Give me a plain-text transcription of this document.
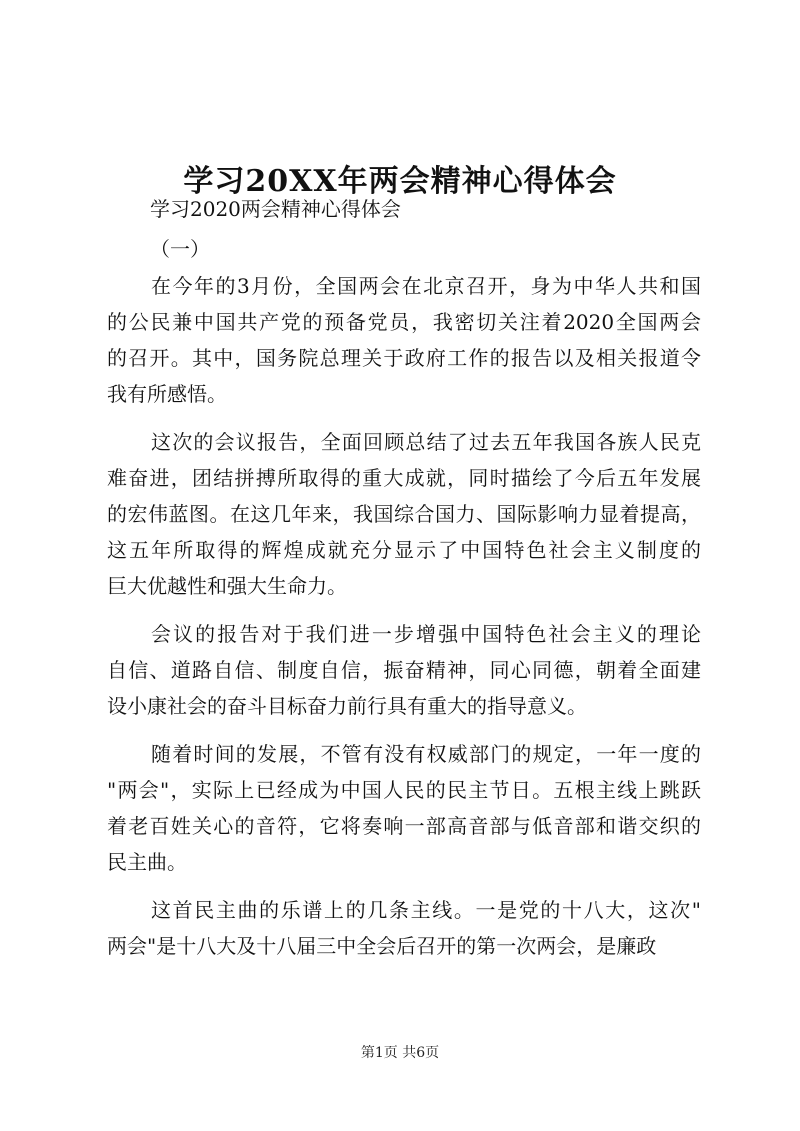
学习20XX年两会精神心得体会
学习2020两会精神心得体会
（一）
在今年的3月份，全国两会在北京召开，身为中华人共和国
的公民兼中国共产党的预备党员，我密切关注着2020全国两会
的召开。其中，国务院总理关于政府工作的报告以及相关报道令
我有所感悟。
这次的会议报告，全面回顾总结了过去五年我国各族人民克
难奋进，团结拼搏所取得的重大成就，同时描绘了今后五年发展
的宏伟蓝图。在这几年来，我国综合国力、国际影响力显着提高，
这五年所取得的辉煌成就充分显示了中国特色社会主义制度的
巨大优越性和强大生命力。
会议的报告对于我们进一步增强中国特色社会主义的理论
自信、道路自信、制度自信，振奋精神，同心同德，朝着全面建
设小康社会的奋斗目标奋力前行具有重大的指导意义。
随着时间的发展，不管有没有权威部门的规定，一年一度的
"两会"，实际上已经成为中国人民的民主节日。五根主线上跳跃
着老百姓关心的音符，它将奏响一部高音部与低音部和谐交织的
民主曲。
这首民主曲的乐谱上的几条主线。一是党的十八大，这次"
两会"是十八大及十八届三中全会后召开的第一次两会，是廉政
第1页 共6页
